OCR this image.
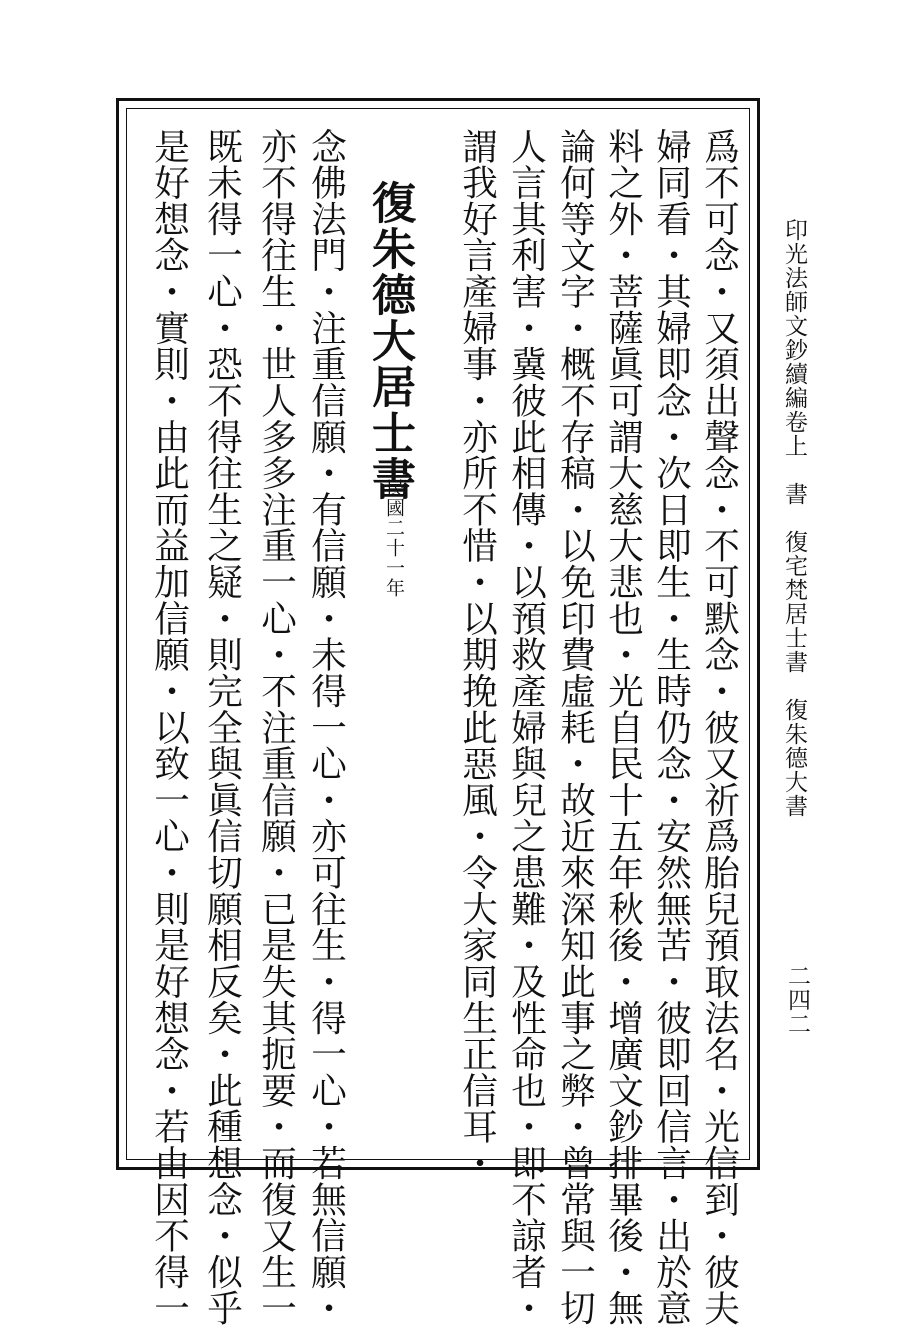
印光法師文鈔續編卷上　書　復宅梵居士書　復朱德大書
二四二
爲不可念・又須出聲念・不可默念・彼又祈爲胎兒預取法名・光信到・彼夫
婦同看・其婦即念・次日即生・生時仍念・安然無苦・彼即回信言・出於意
料之外・菩薩眞可謂大慈大悲也・光自民十五年秋後・增廣文鈔排畢後・無
論何等文字・概不存稿・以免印費虛耗・故近來深知此事之弊・曾常與一切
人言其利害・冀彼此相傳・以預救產婦與兒之患難・及性命也・即不諒者・
謂我好言產婦事・亦所不惜・以期挽此惡風・令大家同生正信耳・
復朱德大居士書
民國二十一年
念佛法門・注重信願・有信願・未得一心・亦可往生・得一心・若無信願・
亦不得往生・世人多多注重一心・不注重信願・已是失其扼要・而復又生一
既未得一心・恐不得往生之疑・則完全與眞信切願相反矣・此種想念・似乎
是好想念・實則・由此而益加信願・以致一心・則是好想念・若由因不得一
